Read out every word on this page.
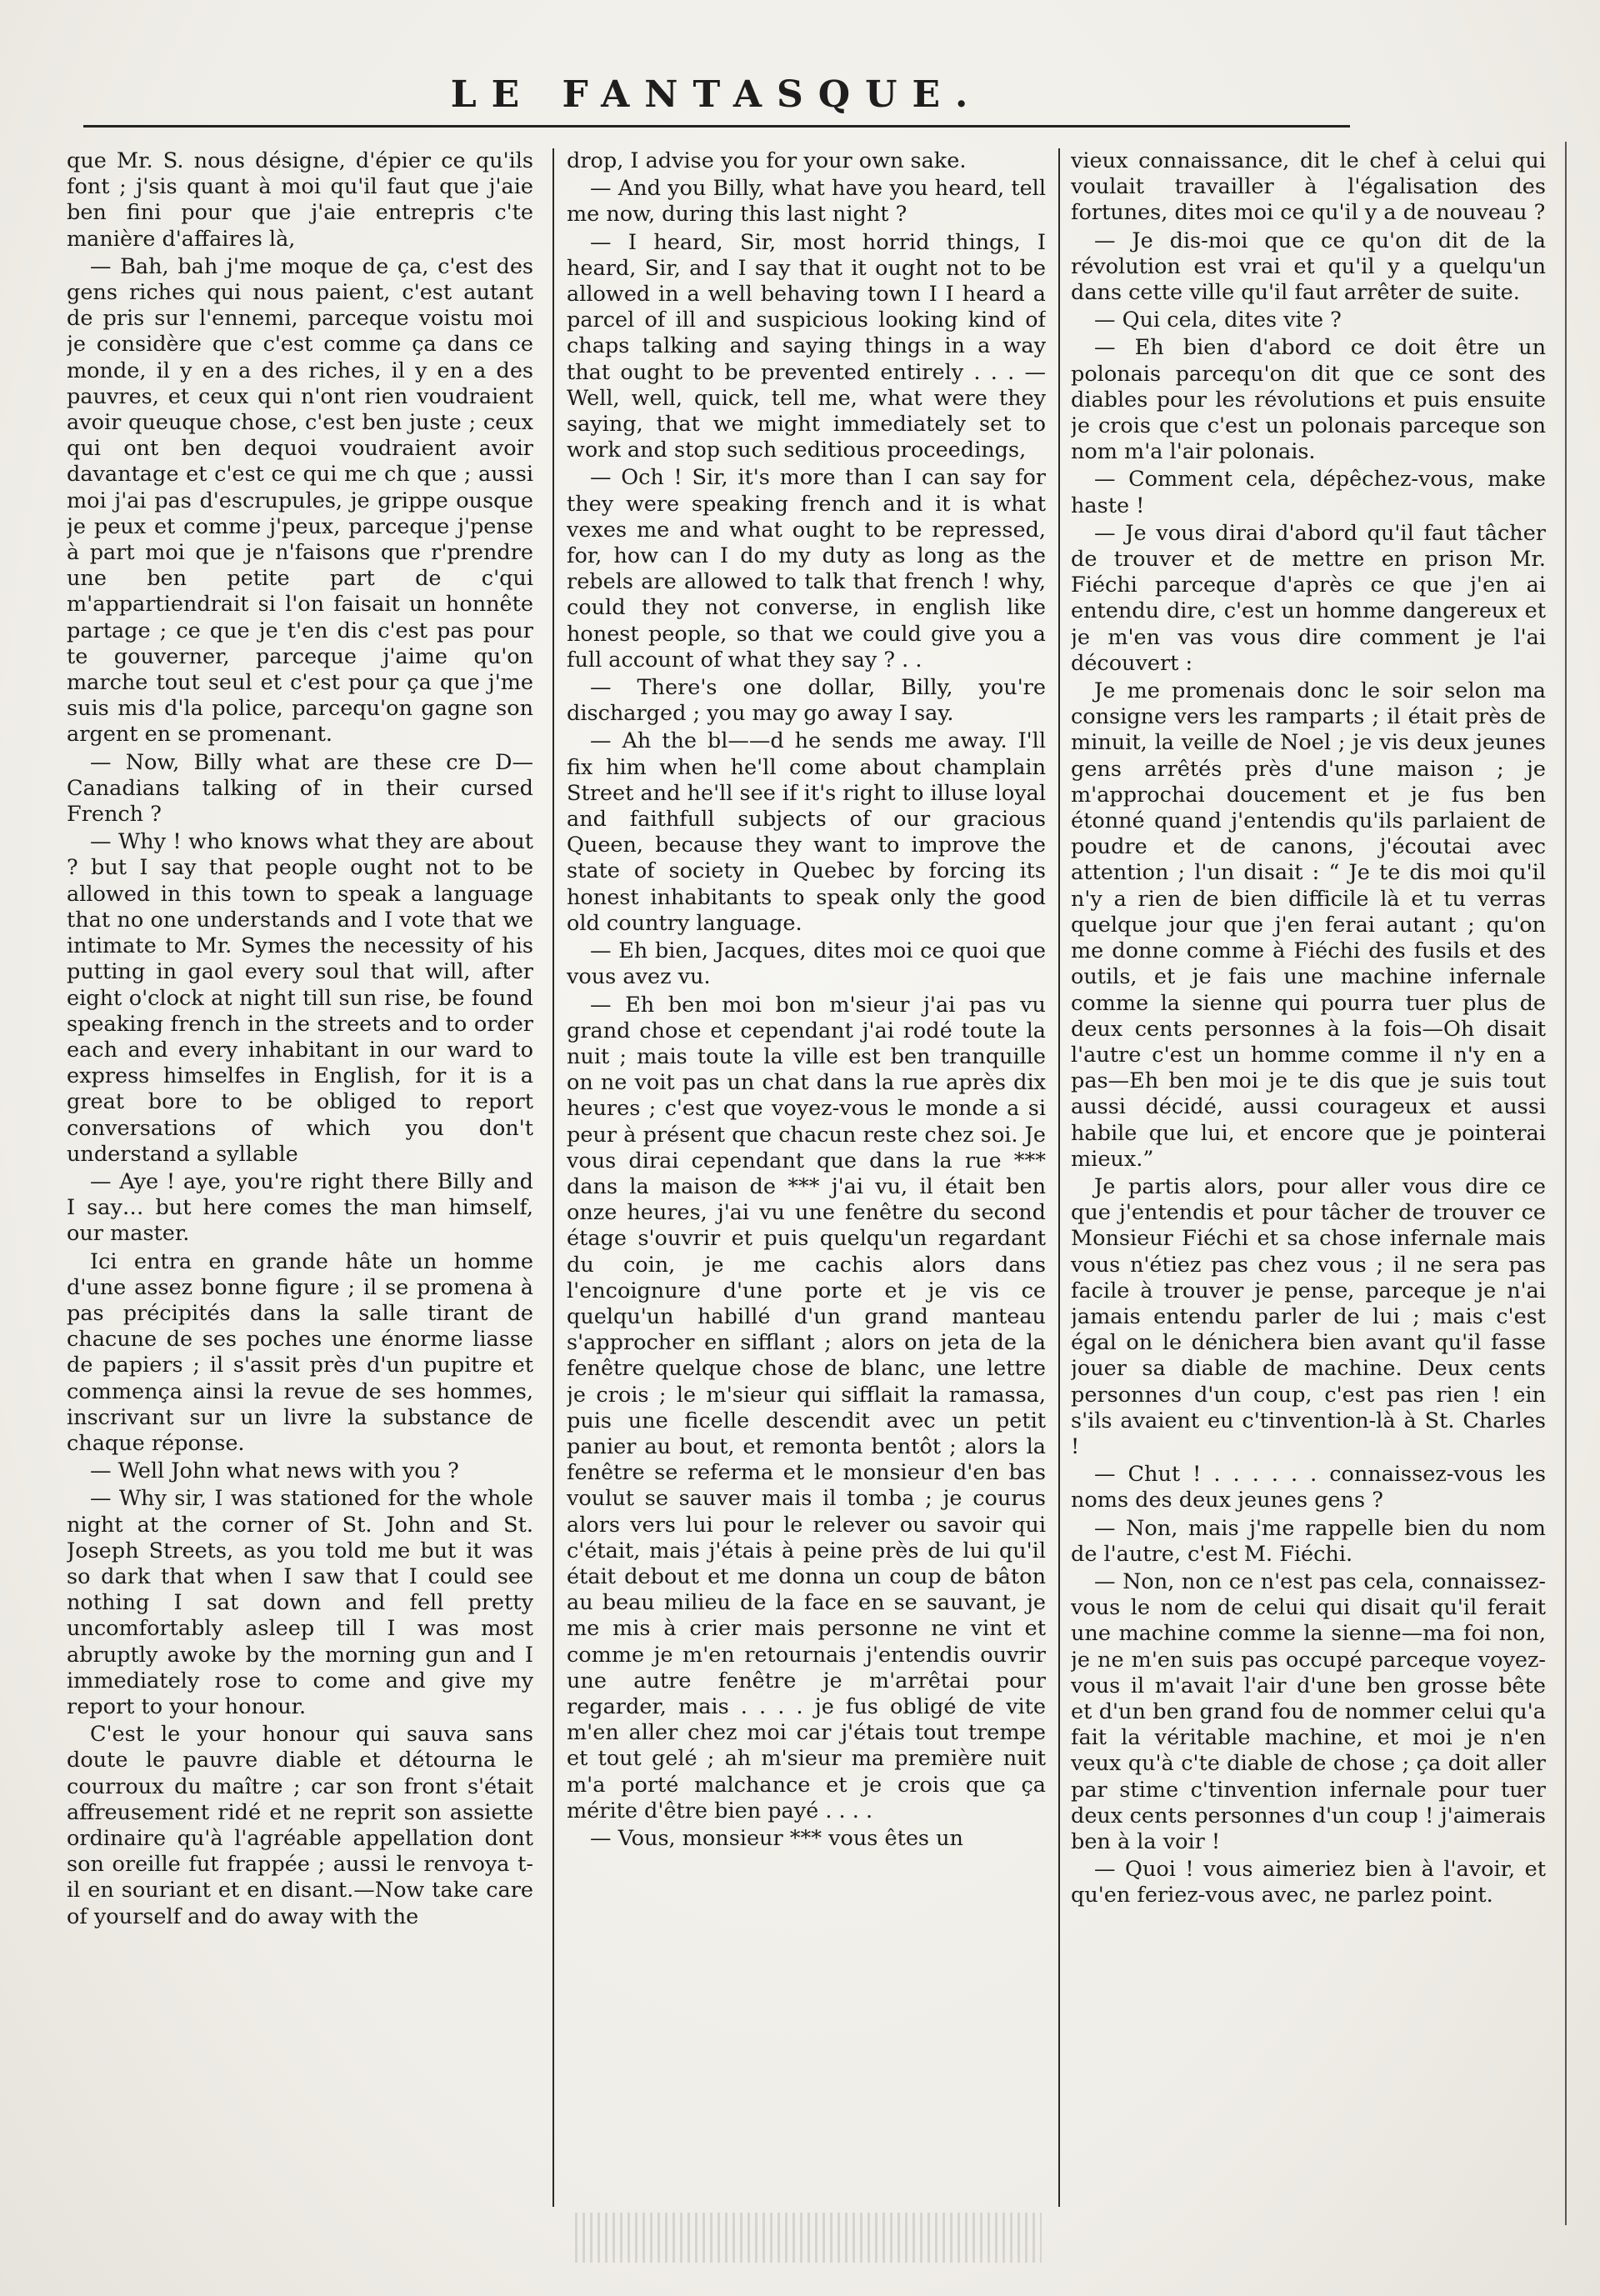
LE FANTASQUE.

que Mr. S. nous désigne, d'épier ce qu'ils font ; j'sis quant à moi qu'il faut que j'aie ben fini pour que j'aie entrepris c'te manière d'affaires là,

— Bah, bah j'me moque de ça, c'est des gens riches qui nous paient, c'est autant de pris sur l'ennemi, parceque voistu moi je considère que c'est comme ça dans ce monde, il y en a des riches, il y en a des pauvres, et ceux qui n'ont rien voudraient avoir queuque chose, c'est ben juste ; ceux qui ont ben dequoi voudraient avoir davantage et c'est ce qui me ch que ; aussi moi j'ai pas d'escrupules, je grippe ousque je peux et comme j'peux, parceque j'pense à part moi que je n'faisons que r'prendre une ben petite part de c'qui m'appartiendrait si l'on faisait un honnête partage ; ce que je t'en dis c'est pas pour te gouverner, parceque j'aime qu'on marche tout seul et c'est pour ça que j'me suis mis d'la police, parcequ'on gagne son argent en se promenant.

— Now, Billy what are these cre D— Canadians talking of in their cursed French ?

— Why ! who knows what they are about ? but I say that people ought not to be allowed in this town to speak a language that no one understands and I vote that we intimate to Mr. Symes the necessity of his putting in gaol every soul that will, after eight o'clock at night till sun rise, be found speaking french in the streets and to order each and every inhabitant in our ward to express himselfes in English, for it is a great bore to be obliged to report conversations of which you don't understand a syllable

— Aye ! aye, you're right there Billy and I say… but here comes the man himself, our master.

Ici entra en grande hâte un homme d'une assez bonne figure ; il se promena à pas précipités dans la salle tirant de chacune de ses poches une énorme liasse de papiers ; il s'assit près d'un pupitre et commença ainsi la revue de ses hommes, inscrivant sur un livre la substance de chaque réponse.

— Well John what news with you ?

— Why sir, I was stationed for the whole night at the corner of St. John and St. Joseph Streets, as you told me but it was so dark that when I saw that I could see nothing I sat down and fell pretty uncomfortably asleep till I was most abruptly awoke by the morning gun and I immediately rose to come and give my report to your honour.

C'est le your honour qui sauva sans doute le pauvre diable et détourna le courroux du maître ; car son front s'était affreusement ridé et ne reprit son assiette ordinaire qu'à l'agréable appellation dont son oreille fut frappée ; aussi le renvoya t-il en souriant et en disant.—Now take care of yourself and do away with the

drop, I advise you for your own sake.

— And you Billy, what have you heard, tell me now, during this last night ?

— I heard, Sir, most horrid things, I heard, Sir, and I say that it ought not to be allowed in a well behaving town I I heard a parcel of ill and suspicious looking kind of chaps talking and saying things in a way that ought to be prevented entirely . . . — Well, well, quick, tell me, what were they saying, that we might immediately set to work and stop such seditious proceedings,

— Och ! Sir, it's more than I can say for they were speaking french and it is what vexes me and what ought to be repressed, for, how can I do my duty as long as the rebels are allowed to talk that french ! why, could they not converse, in english like honest people, so that we could give you a full account of what they say ? . .

— There's one dollar, Billy, you're discharged ; you may go away I say.

— Ah the bl——d he sends me away. I'll fix him when he'll come about champlain Street and he'll see if it's right to illuse loyal and faithfull subjects of our gracious Queen, because they want to improve the state of society in Quebec by forcing its honest inhabitants to speak only the good old country language.

— Eh bien, Jacques, dites moi ce quoi que vous avez vu.

— Eh ben moi bon m'sieur j'ai pas vu grand chose et cependant j'ai rodé toute la nuit ; mais toute la ville est ben tranquille on ne voit pas un chat dans la rue après dix heures ; c'est que voyez-vous le monde a si peur à présent que chacun reste chez soi. Je vous dirai cependant que dans la rue *** dans la maison de *** j'ai vu, il était ben onze heures, j'ai vu une fenêtre du second étage s'ouvrir et puis quelqu'un regardant du coin, je me cachis alors dans l'encoignure d'une porte et je vis ce quelqu'un habillé d'un grand manteau s'approcher en sifflant ; alors on jeta de la fenêtre quelque chose de blanc, une lettre je crois ; le m'sieur qui sifflait la ramassa, puis une ficelle descendit avec un petit panier au bout, et remonta bentôt ; alors la fenêtre se referma et le monsieur d'en bas voulut se sauver mais il tomba ; je courus alors vers lui pour le relever ou savoir qui c'était, mais j'étais à peine près de lui qu'il était debout et me donna un coup de bâton au beau milieu de la face en se sauvant, je me mis à crier mais personne ne vint et comme je m'en retournais j'entendis ouvrir une autre fenêtre je m'arrêtai pour regarder, mais . . . . je fus obligé de vite m'en aller chez moi car j'étais tout trempe et tout gelé ; ah m'sieur ma première nuit m'a porté malchance et je crois que ça mérite d'être bien payé . . . .

— Vous, monsieur *** vous êtes un

vieux connaissance, dit le chef à celui qui voulait travailler à l'égalisation des fortunes, dites moi ce qu'il y a de nouveau ?

— Je dis-moi que ce qu'on dit de la révolution est vrai et qu'il y a quelqu'un dans cette ville qu'il faut arrêter de suite.

— Qui cela, dites vite ?

— Eh bien d'abord ce doit être un polonais parcequ'on dit que ce sont des diables pour les révolutions et puis ensuite je crois que c'est un polonais parceque son nom m'a l'air polonais.

— Comment cela, dépêchez-vous, make haste !

— Je vous dirai d'abord qu'il faut tâcher de trouver et de mettre en prison Mr. Fiéchi parceque d'après ce que j'en ai entendu dire, c'est un homme dangereux et je m'en vas vous dire comment je l'ai découvert :

Je me promenais donc le soir selon ma consigne vers les ramparts ; il était près de minuit, la veille de Noel ; je vis deux jeunes gens arrêtés près d'une maison ; je m'approchai doucement et je fus ben étonné quand j'entendis qu'ils parlaient de poudre et de canons, j'écoutai avec attention ; l'un disait : “ Je te dis moi qu'il n'y a rien de bien difficile là et tu verras quelque jour que j'en ferai autant ; qu'on me donne comme à Fiéchi des fusils et des outils, et je fais une machine infernale comme la sienne qui pourra tuer plus de deux cents personnes à la fois—Oh disait l'autre c'est un homme comme il n'y en a pas—Eh ben moi je te dis que je suis tout aussi décidé, aussi courageux et aussi habile que lui, et encore que je pointerai mieux.”

Je partis alors, pour aller vous dire ce que j'entendis et pour tâcher de trouver ce Monsieur Fiéchi et sa chose infernale mais vous n'étiez pas chez vous ; il ne sera pas facile à trouver je pense, parceque je n'ai jamais entendu parler de lui ; mais c'est égal on le dénichera bien avant qu'il fasse jouer sa diable de machine. Deux cents personnes d'un coup, c'est pas rien ! ein s'ils avaient eu c'tinvention-là à St. Charles !

— Chut ! . . . . . . connaissez-vous les noms des deux jeunes gens ?

— Non, mais j'me rappelle bien du nom de l'autre, c'est M. Fiéchi.

— Non, non ce n'est pas cela, connaissez-vous le nom de celui qui disait qu'il ferait une machine comme la sienne—ma foi non, je ne m'en suis pas occupé parceque voyez-vous il m'avait l'air d'une ben grosse bête et d'un ben grand fou de nommer celui qu'a fait la véritable machine, et moi je n'en veux qu'à c'te diable de chose ; ça doit aller par stime c'tinvention infernale pour tuer deux cents personnes d'un coup ! j'aimerais ben à la voir !

— Quoi ! vous aimeriez bien à l'avoir, et qu'en feriez-vous avec, ne parlez point.
